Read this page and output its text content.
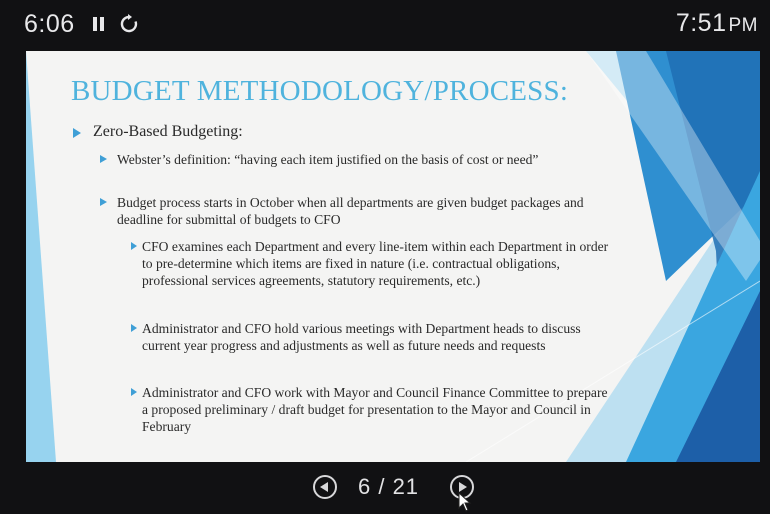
6:06	7:51 PM
BUDGET METHODOLOGY/PROCESS:
Zero-Based Budgeting:
Webster’s definition: “having each item justified on the basis of cost or need”
Budget process starts in October when all departments are given budget packages and deadline for submittal of budgets to CFO
CFO examines each Department and every line-item within each Department in order to pre-determine which items are fixed in nature (i.e. contractual obligations, professional services agreements, statutory requirements, etc.)
Administrator and CFO hold various meetings with Department heads to discuss current year progress and adjustments as well as future needs and requests
Administrator and CFO work with Mayor and Council Finance Committee to prepare a proposed preliminary / draft budget for presentation to the Mayor and Council in February
6 / 21
